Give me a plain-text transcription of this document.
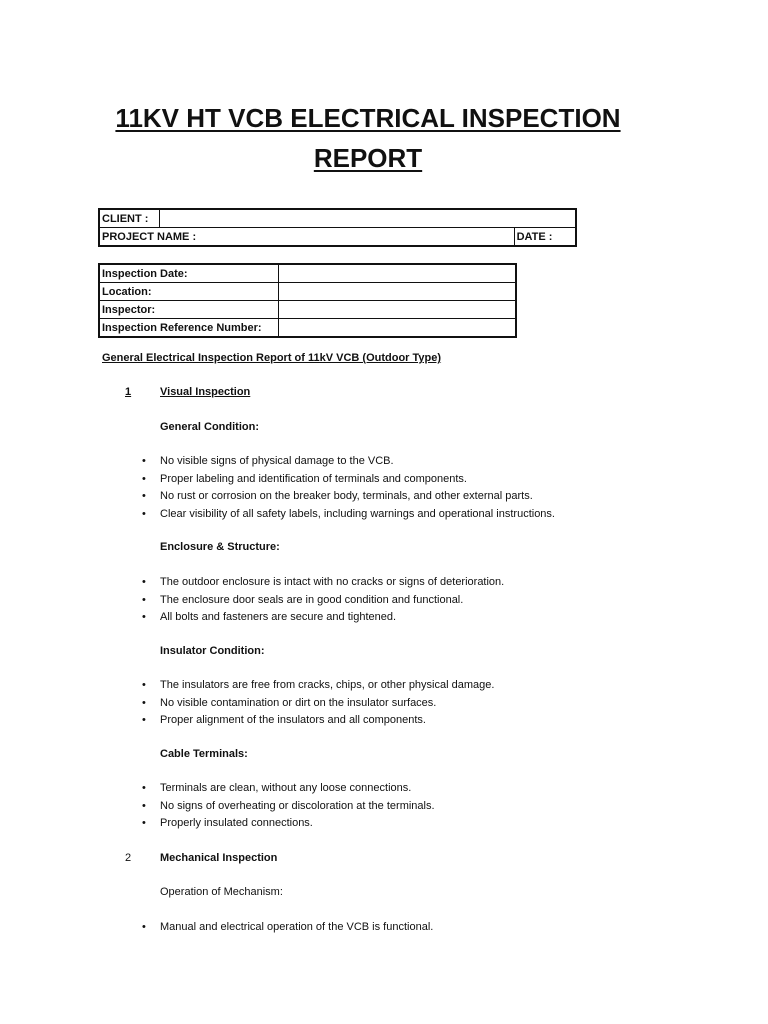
11KV HT VCB ELECTRICAL INSPECTION
REPORT
CLIENT :		
PROJECT NAME :		DATE :
Inspection Date:	
Location:	
Inspector:	
Inspection Reference Number:	
General Electrical Inspection Report of 11kV VCB (Outdoor Type)
1	Visual Inspection
General Condition:
• No visible signs of physical damage to the VCB.
• Proper labeling and identification of terminals and components.
• No rust or corrosion on the breaker body, terminals, and other external parts.
• Clear visibility of all safety labels, including warnings and operational instructions.
Enclosure & Structure:
• The outdoor enclosure is intact with no cracks or signs of deterioration.
• The enclosure door seals are in good condition and functional.
• All bolts and fasteners are secure and tightened.
Insulator Condition:
• The insulators are free from cracks, chips, or other physical damage.
• No visible contamination or dirt on the insulator surfaces.
• Proper alignment of the insulators and all components.
Cable Terminals:
• Terminals are clean, without any loose connections.
• No signs of overheating or discoloration at the terminals.
• Properly insulated connections.
2	Mechanical Inspection
Operation of Mechanism:
• Manual and electrical operation of the VCB is functional.
